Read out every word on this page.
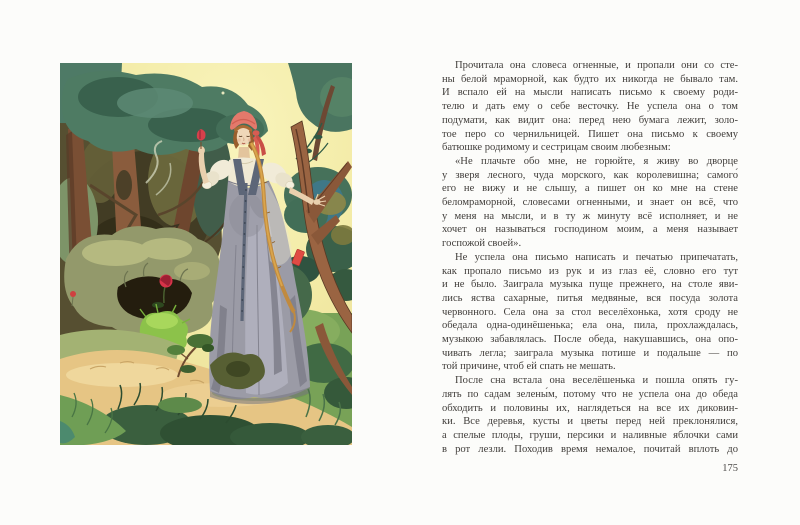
Прочитала она словеса огненные, и пропали они со сте-
ны белой мраморной, как будто их никогда не бывало там.
И вспало ей на мысли написать письмо к своему роди-
телю и дать ему о себе весточку. Не успела она о том
подумати, как видит она: перед нею бумага лежит, золо-
тое перо со чернильницей. Пишет она письмо к своему
батюшке родимому и сестрицам своим любезным:
«Не плачьте обо мне, не горюйте, я живу во дворце
у зверя лесного, чуда морского, как королевишна; самого́
его не вижу и не слышу, а пишет он ко мне на стене
беломраморной, словесами огненными, и знает он всё, что
у меня на мысли, и в ту ж минуту всё исполняет, и не
хочет он называться господином моим, а меня называет
госпожой своей».
Не успела она письмо написать и печатью припечатать,
как пропало письмо из рук и из глаз её, словно его тут
и не было. Заиграла музыка пуще прежнего, на столе яви-
лись яства сахарные, питья медвяные, вся посуда золота
червонного. Села она за стол веселёхонька, хотя сроду не
обедала одна-одинёшенька; ела она, пила, прохлаждалась,
музыкою забавлялась. После обеда, накушавшись, она опо-
чивать легла; заиграла музыка потише и подальше — по
той причине, чтоб ей спать не мешать.
После сна встала она веселёшенька и пошла опять гу-
лять по садам зелены́м, потому что не успела она до обеда
обходить и половины их, наглядеться на все их диковин-
ки. Все деревья, кусты и цветы перед ней преклонялися,
а спелые плоды, груши, персики и наливные яблочки сами
в рот лезли. Походив время немалое, почитай вплоть до
175
